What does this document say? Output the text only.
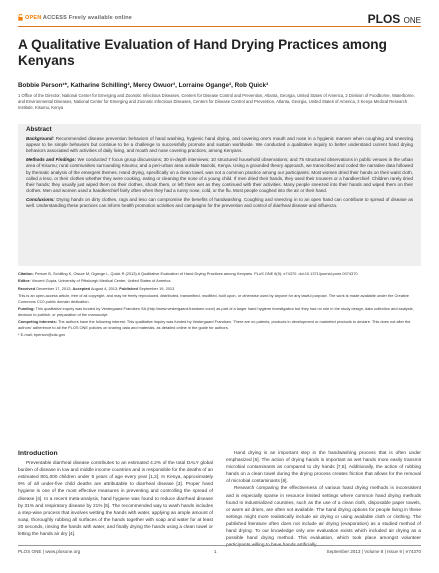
OPEN ACCESS Freely available online	PLOS ONE
A Qualitative Evaluation of Hand Drying Practices among Kenyans
Bobbie Person¹*, Katharine Schilling², Mercy Owuor³, Lorraine Ogange³, Rob Quick²
1 Office of the Director, National Center for Emerging and Zoonotic Infectious Diseases, Centers for Disease Control and Prevention, Atlanta, Georgia, United States of America, 2 Division of Foodborne, Waterborne, and Environmental Diseases, National Center for Emerging and Zoonotic Infectious Diseases, Centers for Disease Control and Prevention, Atlanta, Georgia, United States of America, 3 Kenya Medical Research Institute, Kisumu, Kenya
Abstract

Background: Recommended disease prevention behaviors of hand washing, hygienic hand drying, and covering one's mouth and nose in a hygienic manner when coughing and sneezing appear to be simple behaviors but continue to be a challenge to successfully promote and sustain worldwide. We conducted a qualitative inquiry to better understand current hand drying behaviors associated with activities of daily living, and mouth and nose covering practices, among Kenyans.

Methods and Findings: We conducted 7 focus group discussions; 30 in-depth interviews; 10 structured household observations; and 75 structured observations in public venues in the urban area of Kisumu; rural communities surrounding Kisumu; and a peri-urban area outside Nairobi, Kenya. Using a grounded theory approach, we transcribed and coded the narrative data followed by thematic analysis of the emergent themes. Hand drying, specifically on a clean towel, was not a common practice among our participants. Most women dried their hands on their waist cloth, called a leso, or their clothes whether they were cooking, eating or cleaning the nose of a young child. If men dried their hands, they used their trousers or a handkerchief. Children rarely dried their hands; they usually just wiped them on their clothes, shook them, or left them wet as they continued with their activities. Many people sneezed into their hands and wiped them on their clothes. Men and women used a handkerchief fairly often when they had a runny nose, cold, or the flu. Most people coughed into the air or their hand.

Conclusions: Drying hands on dirty clothes, rags and leso can compromise the benefits of handwashing. Coughing and sneezing in to an open hand can contribute to spread of disease as well. Understanding these practices can inform health promotion activities and campaigns for the prevention and control of diarrheal disease and influenza.

Citation: Person B, Schilling K, Owuor M, Ogange L, Quick R (2013) A Qualitative Evaluation of Hand Drying Practices among Kenyans. PLoS ONE 8(9): e74370. doi:10.1371/journal.pone.0074370

Editor: Vincent Gupta, University of Pittsburgh Medical Center, United States of America

Received December 17, 2012; Accepted August 4, 2013; Published September 19, 2013

This is an open-access article, free of all copyright, and may be freely reproduced, distributed, transmitted, modified, built upon, or otherwise used by anyone for any lawful purpose. The work is made available under the Creative Commons CC0 public domain dedication.

Funding: This qualitative inquiry was funded by Vestergaard Frandsen SA (http://www.vestergaard-frandsen.com/) as part of a larger hand hygiene investigation but they had no role in the study design, data collection and analysis, decision to publish, or preparation of the manuscript.

Competing Interests: The authors have the following interest: This qualitative inquiry was funded by Vestergaard Frandsen. There are no patents, products in development or marketed products to declare. This does not alter the authors' adherence to all the PLOS ONE policies on sharing data and materials, as detailed online in the guide for authors.

* E-mail: bperson@cdc.gov

Introduction

Preventable diarrheal disease contributes to an estimated 4.2% of the total DALY global burden of disease in low and middle income countries and is responsible for the deaths of an estimated 801,000 children under 5 years of age every year [1,2]. In Kenya, approximately 9% of all under-five child deaths are attributable to diarrheal disease [3]. Proper hand hygiene is one of the most effective measures in preventing and controlling the spread of disease [4]. In a recent meta-analysis, hand hygiene was found to reduce diarrheal disease by 31% and respiratory disease by 21% [5]. The recommended way to wash hands includes a step-wise process that involves wetting the hands with water, applying an ample amount of soap, thoroughly rubbing all surfaces of the hands together with soap and water for at least 20 seconds, rinsing the hands with water, and finally drying the hands using a clean towel or letting the hands air dry [4].

Hand drying is an important step in the handwashing process that is often under emphasized [6]. The action of drying hands is important as wet hands more easily transmit microbial contaminants as compared to dry hands [7,8]. Additionally, the action of rubbing hands on a clean towel during the drying process creates friction that allows for the removal of microbial contaminants [8].

Research comparing the effectiveness of various hand drying methods is inconsistent and is especially sparse in resource limited settings where common hand drying methods found in industrialized countries, such as the use of a clean cloth, disposable paper towels, or warm air driers, are often not available. The hand drying options for people living in these settings might more realistically include air drying or using available cloth or clothing. The published literature often does not include air drying (evaporation) as a studied method of hand drying. To our knowledge only one evaluation exists which included air drying as a possible hand drying method. This evaluation, which took place amongst volunteer

PLOS ONE | www.plosone.org	1	September 2013 | Volume 8 | Issue 9 | e74370
